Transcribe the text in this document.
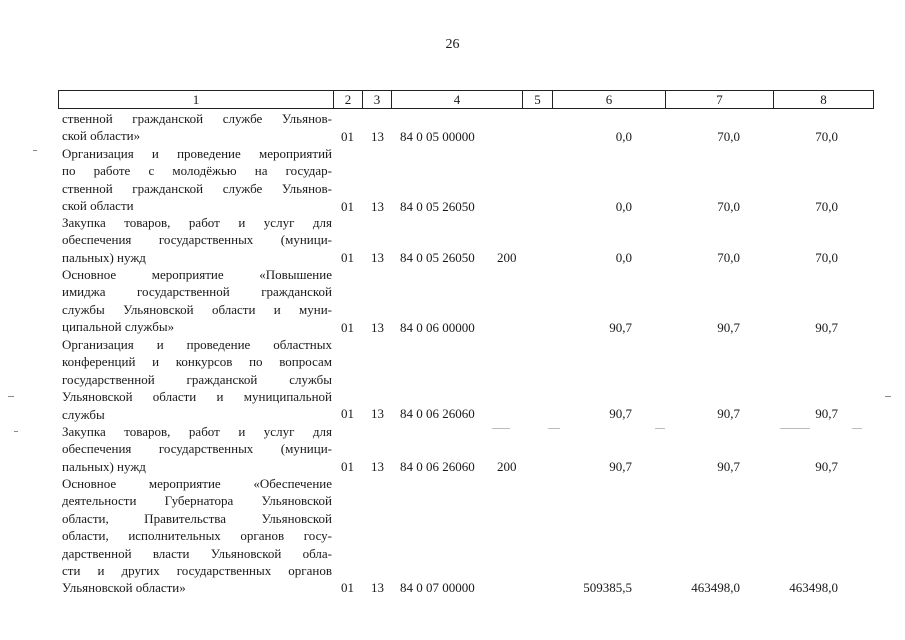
26
1	2	3	4	5	6	7	8
ственной гражданской службе Ульянов-
ской области»	01 13 84 0 05 00000	0,0	70,0	70,0
Организация и проведение мероприятий
по работе с молодёжью на государ-
ственной гражданской службе Ульянов-
ской области	01 13 84 0 05 26050	0,0	70,0	70,0
Закупка товаров, работ и услуг для
обеспечения государственных (муници-
пальных) нужд	01 13 84 0 05 26050 200	0,0	70,0	70,0
Основное мероприятие «Повышение
имиджа государственной гражданской
службы Ульяновской области и муни-
ципальной службы»	01 13 84 0 06 00000	90,7	90,7	90,7
Организация и проведение областных
конференций и конкурсов по вопросам
государственной гражданской службы
Ульяновской области и муниципальной
службы	01 13 84 0 06 26060	90,7	90,7	90,7
Закупка товаров, работ и услуг для
обеспечения государственных (муници-
пальных) нужд	01 13 84 0 06 26060 200	90,7	90,7	90,7
Основное мероприятие «Обеспечение
деятельности Губернатора Ульяновской
области, Правительства Ульяновской
области, исполнительных органов госу-
дарственной власти Ульяновской обла-
сти и других государственных органов
Ульяновской области»	01 13 84 0 07 00000	509385,5	463498,0	463498,0
